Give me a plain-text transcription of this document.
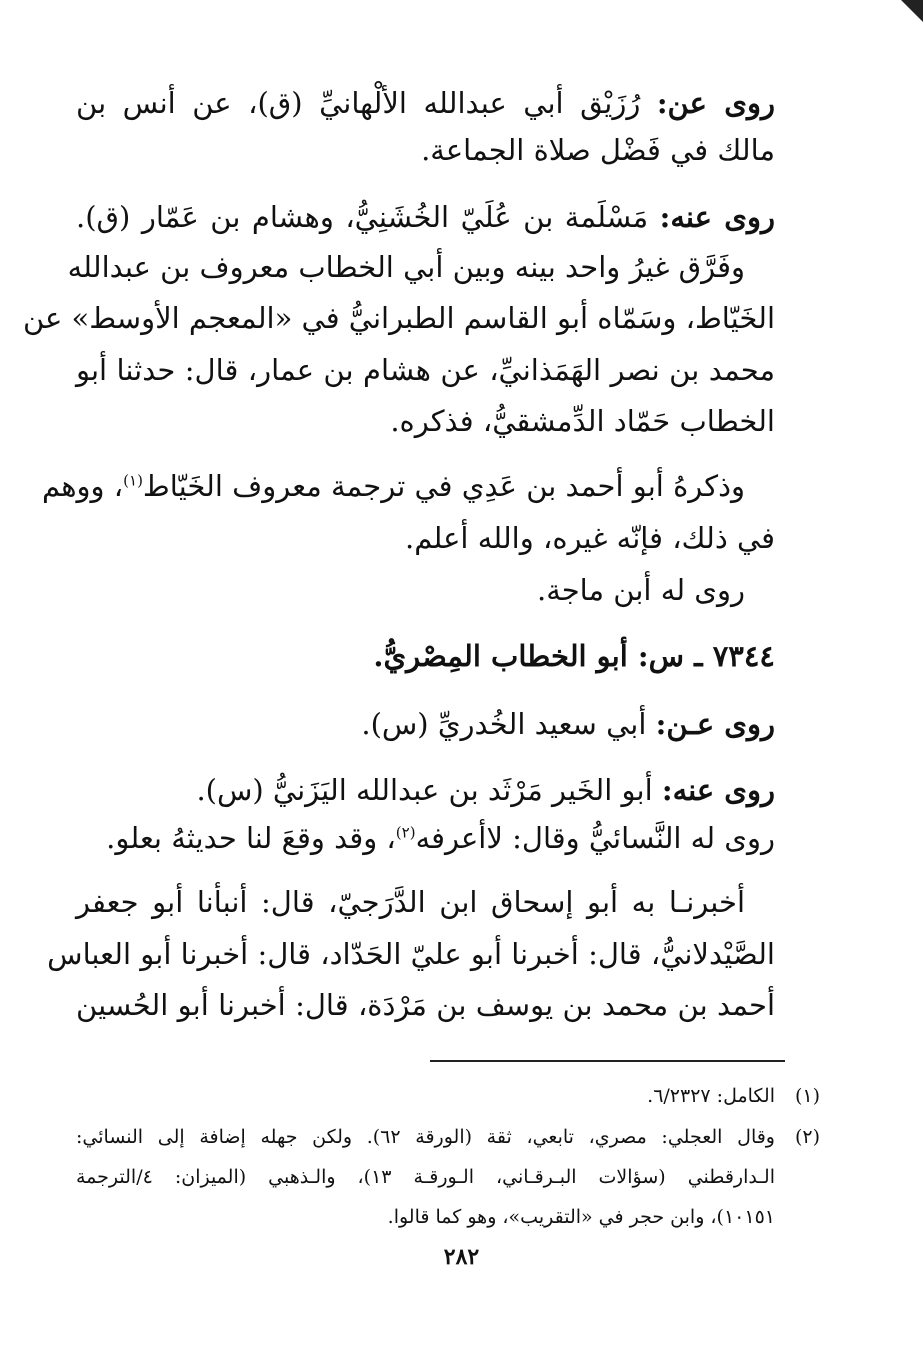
روى عن: رُزَيْق أبي عبدالله الألْهانيِّ (ق)، عن أنس بن
مالك في فَضْل صلاة الجماعة.
روى عنه: مَسْلَمة بن عُلَيّ الخُشَنِيُّ، وهشام بن عَمّار (ق).
وفَرَّق غيرُ واحد بينه وبين أبي الخطاب معروف بن عبدالله
الخَيّاط، وسَمّاه أبو القاسم الطبرانيُّ في «المعجم الأوسط» عن
محمد بن نصر الهَمَذانيِّ، عن هشام بن عمار، قال: حدثنا أبو
الخطاب حَمّاد الدِّمشقيُّ، فذكره.
وذكرهُ أبو أحمد بن عَدِي في ترجمة معروف الخَيّاط$^{(١)}$، ووهم
في ذلك، فإنّه غيره، والله أعلم.
روى له أبن ماجة.
٧٣٤٤ ـ س: أبو الخطاب المِصْريُّ.
روى عـن: أبي سعيد الخُدريِّ (س).
روى عنه: أبو الخَير مَرْثَد بن عبدالله اليَزَنيُّ (س).
روى له النَّسائيُّ وقال: لاأعرفه$^{(٢)}$، وقد وقعَ لنا حديثهُ بعلو.
أخبرنـا به أبو إسحاق ابن الدَّرَجيّ، قال: أنبأنا أبو جعفر
الصَّيْدلانيُّ، قال: أخبرنا أبو عليّ الحَدّاد، قال: أخبرنا أبو العباس
أحمد بن محمد بن يوسف بن مَرْدَة، قال: أخبرنا أبو الحُسين
(١)
الكامل: ٦/٢٣٢٧.
(٢)
وقال العجلي: مصري، تابعي، ثقة (الورقة ٦٢). ولكن جهله إضافة إلى النسائي:
الـدارقطني (سؤالات البـرقـاني، الـورقـة ١٣)، والـذهبي (الميزان: ٤/الترجمة
١٠١٥١)، وابن حجر في «التقريب»، وهو كما قالوا.
٢٨٢
